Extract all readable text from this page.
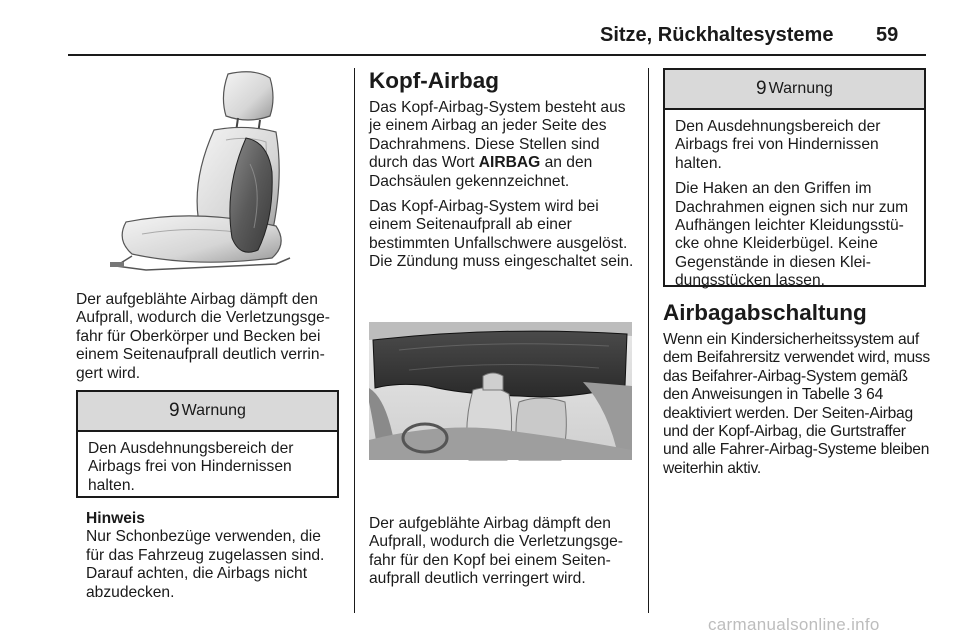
Sitze, Rückhaltesysteme 59

Der aufgeblähte Airbag dämpft den Aufprall, wodurch die Verletzungsgefahr für Oberkörper und Becken bei einem Seitenaufprall deutlich verringert wird.

9 Warnung

Den Ausdehnungsbereich der Airbags frei von Hindernissen halten.

Hinweis
Nur Schonbezüge verwenden, die für das Fahrzeug zugelassen sind. Darauf achten, die Airbags nicht abzudecken.

Kopf-Airbag

Das Kopf-Airbag-System besteht aus je einem Airbag an jeder Seite des Dachrahmens. Diese Stellen sind durch das Wort AIRBAG an den Dachsäulen gekennzeichnet.

Das Kopf-Airbag-System wird bei einem Seitenaufprall ab einer bestimmten Unfallschwere ausgelöst. Die Zündung muss eingeschaltet sein.

Der aufgeblähte Airbag dämpft den Aufprall, wodurch die Verletzungsgefahr für den Kopf bei einem Seitenaufprall deutlich verringert wird.

9 Warnung

Den Ausdehnungsbereich der Airbags frei von Hindernissen halten.

Die Haken an den Griffen im Dachrahmen eignen sich nur zum Aufhängen leichter Kleidungsstücke ohne Kleiderbügel. Keine Gegenstände in diesen Kleidungsstücken lassen.

Airbagabschaltung

Wenn ein Kindersicherheitssystem auf dem Beifahrersitz verwendet wird, muss das Beifahrer-Airbag-System gemäß den Anweisungen in Tabelle 3 64 deaktiviert werden. Der Seiten-Airbag und der Kopf-Airbag, die Gurtstraffer und alle Fahrer-Airbag-Systeme bleiben weiterhin aktiv.

carmanualsonline.info
